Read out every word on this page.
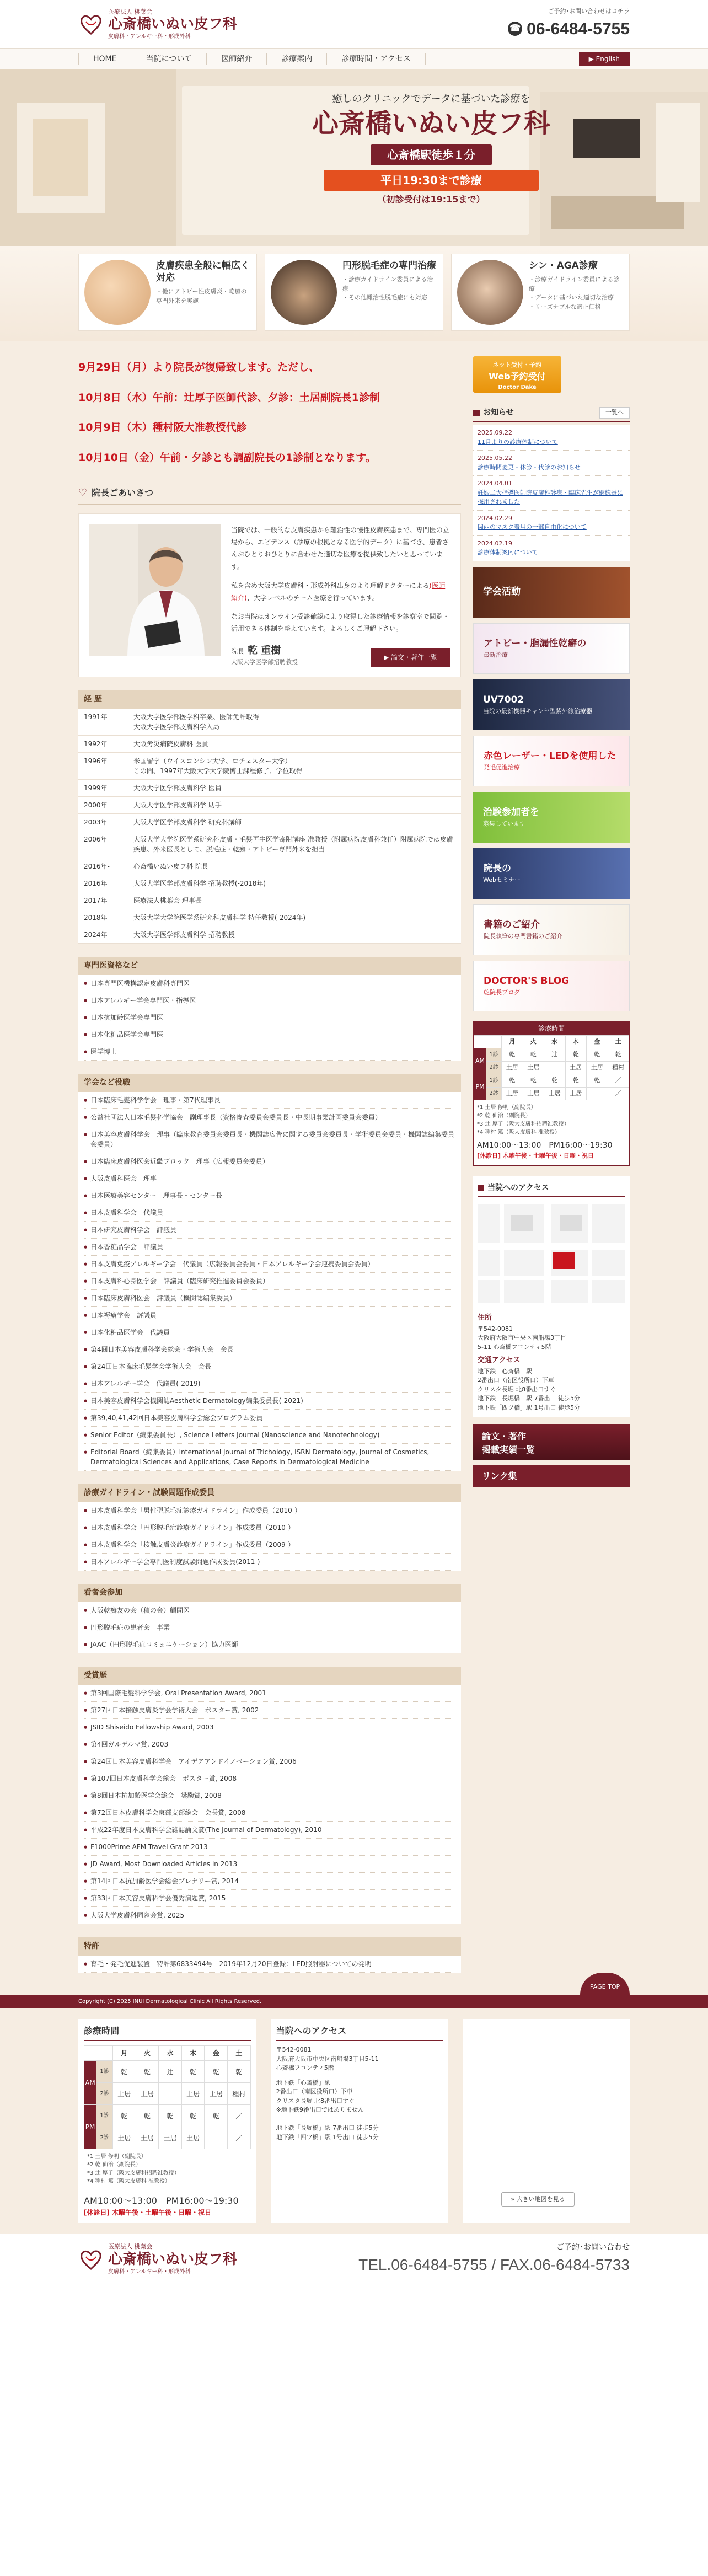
医療法人 桃葉会
心斎橋いぬい皮フ科
皮膚科・アレルギー科・形成外科
ご予約･お問い合わせはコチラ
☎ 06-6484-5755
HOME	当院について	医師紹介	診療案内	診療時間・アクセス	▶ English
癒しのクリニックでデータに基づいた診療を
心斎橋いぬい皮フ科
心斎橋駅徒歩１分
平日19:30まで診療
（初診受付は19:15まで）
皮膚疾患全般に幅広く対応
・ 他にアトピー性皮膚炎・乾癬の専門外来を実施
円形脱毛症の専門治療
・ 診療ガイドライン委員による治療
・ その他難治性脱毛症にも対応
シン・AGA診療
・ 診療ガイドライン委員による診療
・ データに基づいた適切な治療
・ リーズナブルな適正価格

9月29日（月）より院長が復帰致します。ただし、

10月8日（水）午前：辻厚子医師代診、夕診：土居副院長1診制

10月9日（木）種村阪大准教授代診

10月10日（金）午前・夕診とも調副院長の1診制となります。

♡ 院長ごあいさつ

当院では、一般的な皮膚疾患から難治性の慢性皮膚疾患まで、専門医の立場から、エビデンス（診療の根拠となる医学的データ）に基づき、患者さんおひとりおひとりに合わせた適切な医療を提供致したいと思っています。

私を含め大阪大学皮膚科・形成外科出身のより理解ドクターによる(医師紹介)、大学レベルのチーム医療を行っています。

なお当院はオンライン受診確認により取得した診療情報を診察室で閲覧・活用できる体制を整えています。よろしくご理解下さい。

院長 乾 重樹
大阪大学医学部招聘教授
▶ 論文・著作一覧
経 歴
1991年	大阪大学医学部医学科卒業、医師免許取得
大阪大学医学部皮膚科学入局
1992年	大阪労災病院皮膚科 医員
1996年	米国留学（ウイスコンシン大学、ロチェスター大学）
この間、1997年大阪大学大学院博士課程修了、学位取得
1999年	大阪大学医学部皮膚科学 医員
2000年	大阪大学医学部皮膚科学 助手
2003年	大阪大学医学部皮膚科学 研究科講師
2006年	大阪大学大学院医学系研究科皮膚・毛髪再生医学寄附講座 准教授（附属病院皮膚科兼任）附属病院では皮膚疾患、外来医長として、脱毛症・乾癬・アトピー専門外来を担当
2016年-	心斎橋いぬい皮フ科 院長
2016年	大阪大学医学部皮膚科学 招聘教授(-2018年)
2017年-	医療法人桃葉会 理事長
2018年	大阪大学大学院医学系研究科皮膚科学 特任教授(-2024年)
2024年-	大阪大学医学部皮膚科学 招聘教授
専門医資格など
● 日本専門医機構認定皮膚科専門医
● 日本アレルギー学会専門医・指導医
● 日本抗加齢医学会専門医
● 日本化粧品医学会専門医
● 医学博士
学会など役職
● 日本臨床毛髪科学学会　理事・第7代理事長
● 公益社団法人日本毛髪科学協会　副理事長（資格審査委員会委員長・中長期事業計画委員会委員）
● 日本美容皮膚科学会　理事（臨床教育委員会委員長・機関誌広告に関する委員会委員長・学術委員会委員・機関誌編集委員会委員）
● 日本臨床皮膚科医会近畿ブロック　理事（広報委員会委員）
● 大阪皮膚科医会　理事
● 日本医療美容センター　理事長・センター長
● 日本皮膚科学会　代議員
● 日本研究皮膚科学会　評議員
● 日本香粧品学会　評議員
● 日本皮膚免疫アレルギー学会　代議員（広報委員会委員・日本アレルギー学会連携委員会委員）
● 日本皮膚科心身医学会　評議員（臨床研究推進委員会委員）
● 日本臨床皮膚科医会　評議員（機関誌編集委員）
● 日本褥瘡学会　評議員
● 日本化粧品医学会　代議員
● 第4回日本美容皮膚科学会総会・学術大会　会長
● 第24回日本臨床毛髪学会学術大会　会長
● 日本アレルギー学会　代議員(-2019)
● 日本美容皮膚科学会機関誌Aesthetic Dermatology編集委員長(-2021)
● 第39,40,41,42回日本美容皮膚科学会総会プログラム委員
● Senior Editor（編集委員長）, Science Letters Journal (Nanoscience and Nanotechnology)
● Editorial Board（編集委員）International Journal of Trichology, ISRN Dermatology, Journal of Cosmetics, Dermatological Sciences and Applications, Case Reports in Dermatological Medicine
診療ガイドライン・試験問題作成委員
● 日本皮膚科学会「男性型脱毛症診療ガイドライン」作成委員（2010-）
● 日本皮膚科学会「円形脱毛症診療ガイドライン」作成委員（2010-）
● 日本皮膚科学会「接触皮膚炎診療ガイドライン」作成委員（2009-）
● 日本アレルギー学会専門医制度試験問題作成委員(2011-)
看者会参加
● 大阪乾癬友の会（積の会）顧問医
● 円形脱毛症の患者会　事業
● JAAC（円形脱毛症コミュニケーション）協力医師
受賞歴
● 第3回国際毛髪科学学会, Oral Presentation Award, 2001
● 第27回日本接触皮膚炎学会学術大会　ポスター賞, 2002
● JSID Shiseido Fellowship Award, 2003
● 第4回ガルデルマ賞, 2003
● 第24回日本美容皮膚科学会　アイデアアンドイノベーション賞, 2006
● 第107回日本皮膚科学会総会　ポスター賞, 2008
● 第8回日本抗加齢医学会総会　奨励賞, 2008
● 第72回日本皮膚科学会東部支部総会　会長賞, 2008
● 平成22年度日本皮膚科学会雑誌論文賞(The Journal of Dermatology), 2010
● F1000Prime AFM Travel Grant 2013
● JD Award, Most Downloaded Articles in 2013
● 第14回日本抗加齢医学会総会プレナリー賞, 2014
● 第33回日本美容皮膚科学会優秀演題賞, 2015
● 大阪大学皮膚科同窓会賞, 2025
特許
● 育毛・発毛促進装置　特許第6833494号　2019年12月20日登録：LED照射器についての発明
ネット受付・予約
Web予約受付
Doctor Dake
お知らせ	一覧へ
2025.09.22
11月よりの診療体制について
2025.05.22
診療時間変更・休診・代診のお知らせ
2024.04.01
妊娠二大指導医師院皮膚科診療・臨床先生が継続長に採用されました
2024.02.29
関西のマスク着用の一部自由化について
2024.02.19
診療体制案内について
学会活動
アトピー・脂漏性乾癬の
最新治療
UV7002
当院の最新機器キャンセ型紫外線治療器
赤色レーザー・LEDを使用した
発毛促進治療
治験参加者を
募集しています
院長の
Webセミナー
書籍のご紹介
院長執筆の専門書籍のご紹介
DOCTOR'S BLOG
乾院長ブログ
診療時間
		月	火	水	木	金	土
AM	1診	乾	乾	辻	乾	乾	乾
	2診	土居	土居		土居	土居	種村
PM	1診	乾	乾	乾	乾	乾	／
	2診	土居	土居	土居	土居		／
*1 土居 修明（副院長）
*2 乾 仙治（副院長）
*3 辻 厚子（阪大皮膚科招聘准教授）
*4 種村 篤（阪大皮膚科 准教授）
AM10:00〜13:00　PM16:00〜19:30
[休診日] 木曜午後・土曜午後・日曜・祝日
当院へのアクセス
住所

〒542-0081
大阪府大阪市中央区南船場3丁目
5-11 心斎橋フロンティ5階

交通アクセス

地下鉄「心斎橋」駅
2番出口（南区役所口）下車
クリスタ長堀 北8番出口すぐ

地下鉄「長堀橋」駅 7番出口 徒歩5分

地下鉄「四ツ橋」駅 1号出口 徒歩5分

論文・著作
掲載実績一覧
リンク集
Copyright (C) 2025 INUI Dermatological Clinic All Rights Reserved.
PAGE TOP
診療時間
		月	火	水	木	金	土
AM	1診	乾	乾	辻	乾	乾	乾
	2診	土居	土居		土居	土居	種村
PM	1診	乾	乾	乾	乾	乾	／
	2診	土居	土居	土居	土居		／
*1 土居 修明（副院長）
*2 乾 仙治（副院長）
*3 辻 厚子（阪大皮膚科招聘准教授）
*4 種村 篤（阪大皮膚科 准教授）
AM10:00〜13:00　PM16:00〜19:30
[休診日] 木曜午後・土曜午後・日曜・祝日
当院へのアクセス

〒542-0081
大阪府大阪市中央区南船場3丁目5-11
心斎橋フロンティ5階

地下鉄「心斎橋」駅
2番出口（南区役所口）下車
クリスタ長堀 北8番出口すぐ
※地下鉄9番出口ではありません

地下鉄「長堀橋」駅 7番出口 徒歩5分
地下鉄「四ツ橋」駅 1号出口 徒歩5分

» 大きい地図を見る
医療法人 桃葉会
心斎橋いぬい皮フ科
皮膚科・アレルギー科・形成外科
ご予約･お問い合わせ
TEL.06-6484-5755 / FAX.06-6484-5733
